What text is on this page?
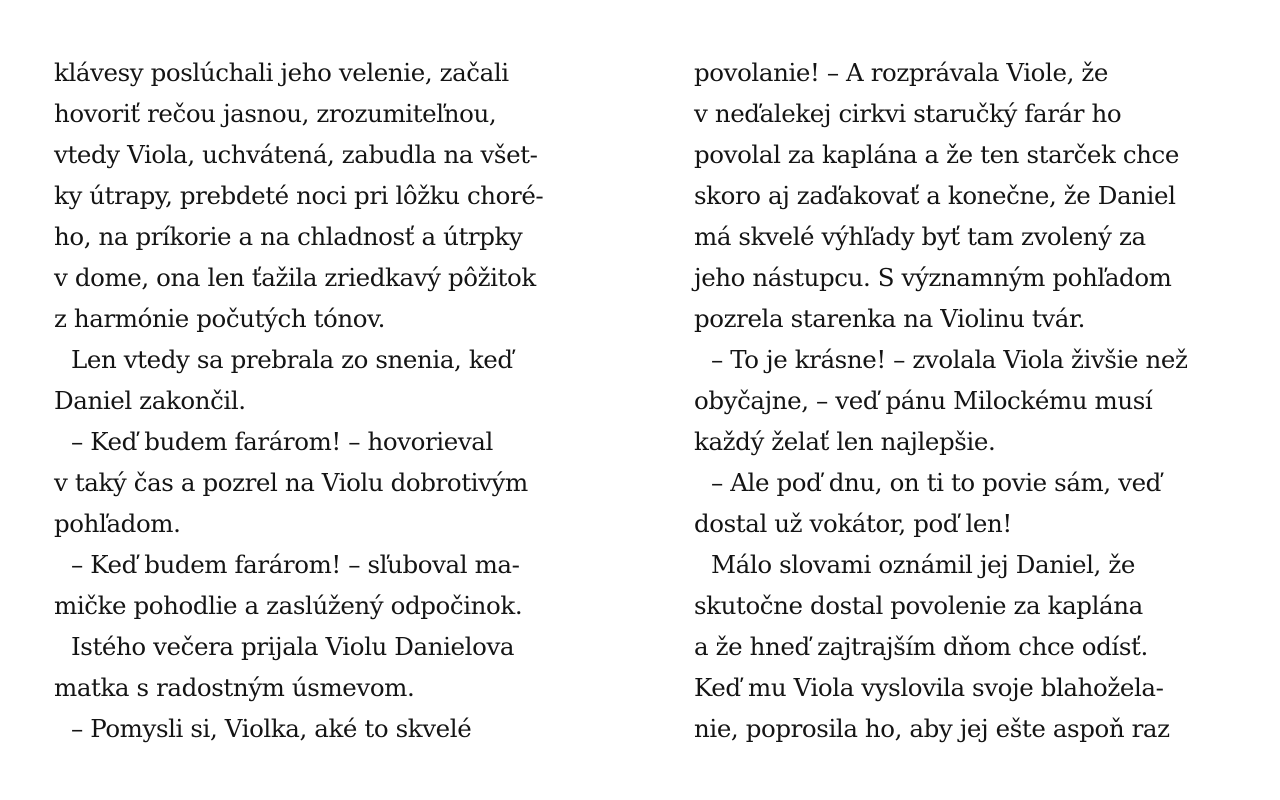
klávesy poslúchali jeho velenie, začali
hovoriť rečou jasnou, zrozumiteľnou,
vtedy Viola, uchvátená, zabudla na všet-
ky útrapy, prebdeté noci pri lôžku choré-
ho, na príkorie a na chladnosť a útrpky
v dome, ona len ťažila zriedkavý pôžitok
z harmónie počutých tónov.
Len vtedy sa prebrala zo snenia, keď
Daniel zakončil.
– Keď budem farárom! – hovorieval
v taký čas a pozrel na Violu dobrotivým
pohľadom.
– Keď budem farárom! – sľuboval ma-
mičke pohodlie a zaslúžený odpočinok.
Istého večera prijala Violu Danielova
matka s radostným úsmevom.
– Pomysli si, Violka, aké to skvelé
povolanie! – A rozprávala Viole, že
v neďalekej cirkvi staručký farár ho
povolal za kaplána a že ten starček chce
skoro aj zaďakovať a konečne, že Daniel
má skvelé výhľady byť tam zvolený za
jeho nástupcu. S významným pohľadom
pozrela starenka na Violinu tvár.
– To je krásne! – zvolala Viola živšie než
obyčajne, – veď pánu Milockému musí
každý želať len najlepšie.
– Ale poď dnu, on ti to povie sám, veď
dostal už vokátor, poď len!
Málo slovami oznámil jej Daniel, že
skutočne dostal povolenie za kaplána
a že hneď zajtrajším dňom chce odísť.
Keď mu Viola vyslovila svoje blahožela-
nie, poprosila ho, aby jej ešte aspoň raz
